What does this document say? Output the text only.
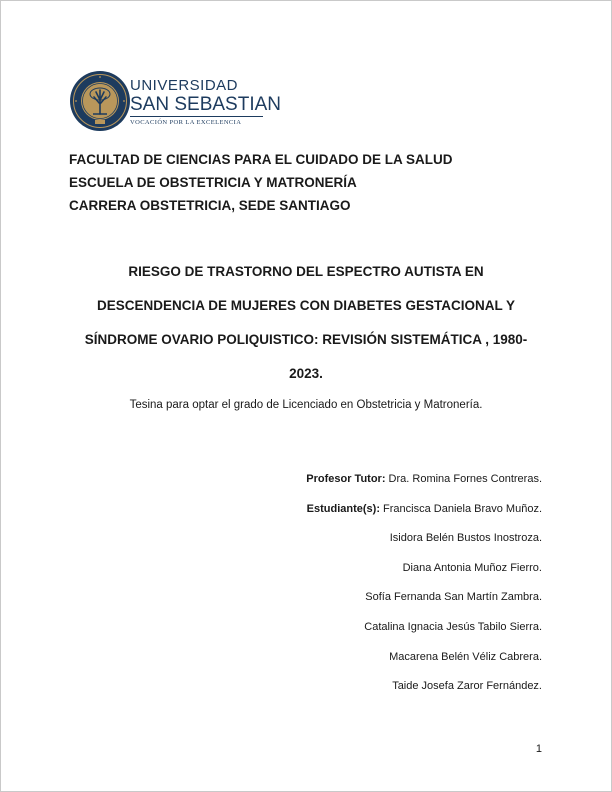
UNIVERSIDAD
SAN SEBASTIAN
VOCACIÓN POR LA EXCELENCIA
FACULTAD DE CIENCIAS PARA EL CUIDADO DE LA SALUD
ESCUELA DE OBSTETRICIA Y MATRONERÍA
CARRERA OBSTETRICIA, SEDE SANTIAGO
RIESGO DE TRASTORNO DEL ESPECTRO AUTISTA EN
DESCENDENCIA DE MUJERES CON DIABETES GESTACIONAL Y
SÍNDROME OVARIO POLIQUISTICO: REVISIÓN SISTEMÁTICA , 1980-
2023.
Tesina para optar el grado de Licenciado en Obstetricia y Matronería.
Profesor Tutor: Dra. Romina Fornes Contreras.
Estudiante(s): Francisca Daniela Bravo Muñoz.
Isidora Belén Bustos Inostroza.
Diana Antonia Muñoz Fierro.
Sofía Fernanda San Martín Zambra.
Catalina Ignacia Jesús Tabilo Sierra.
Macarena Belén Véliz Cabrera.
Taide Josefa Zaror Fernández.
1
